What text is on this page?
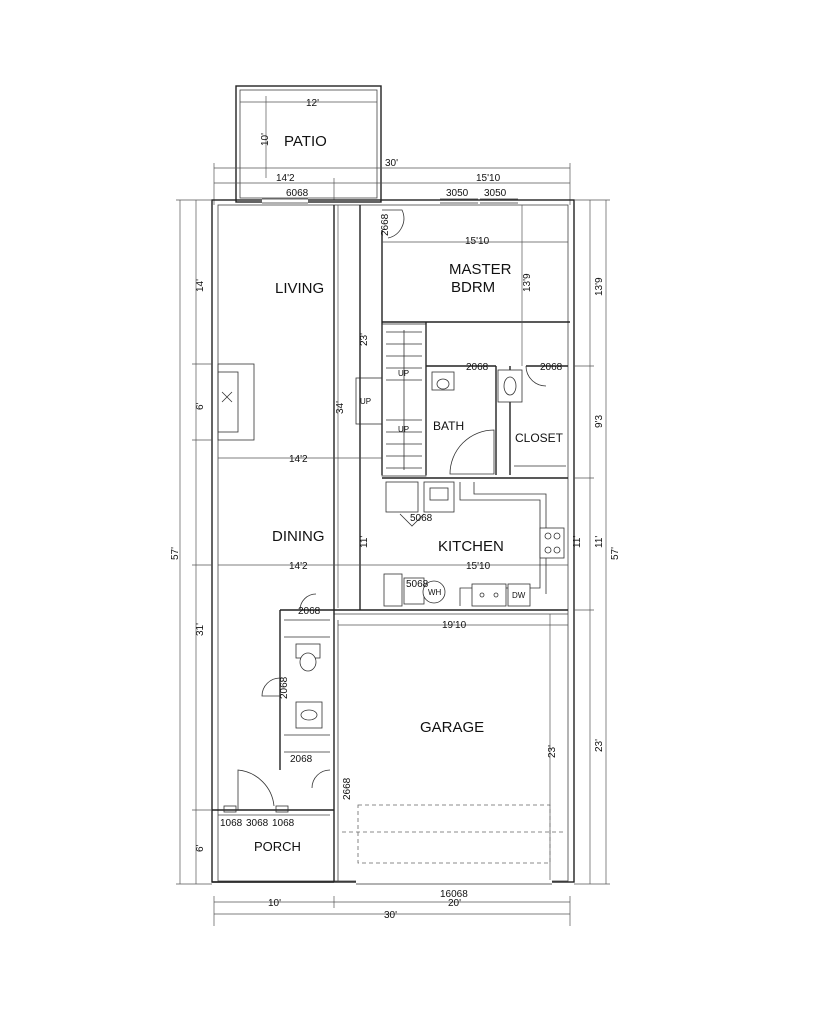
12'
10' PATIO
30'
14'2	15'10
6068	3050 3050
MASTER
BDRM
15'10
13'9
2668
UP
UP
UP
23'
2068
BATH
2068
CLOSET
LIVING
14'
6'
14'2
34'
DINING
14'2
11'	KITCHEN
5068
WH
5068
DW
15'10
11'
2068
2068
2068
GARAGE
19'10
23'
2668
PORCH
1068 3068 1068
57'
31'
6'
13'9
9'3
23'
57'
11'
16068
10'	20'
30'
